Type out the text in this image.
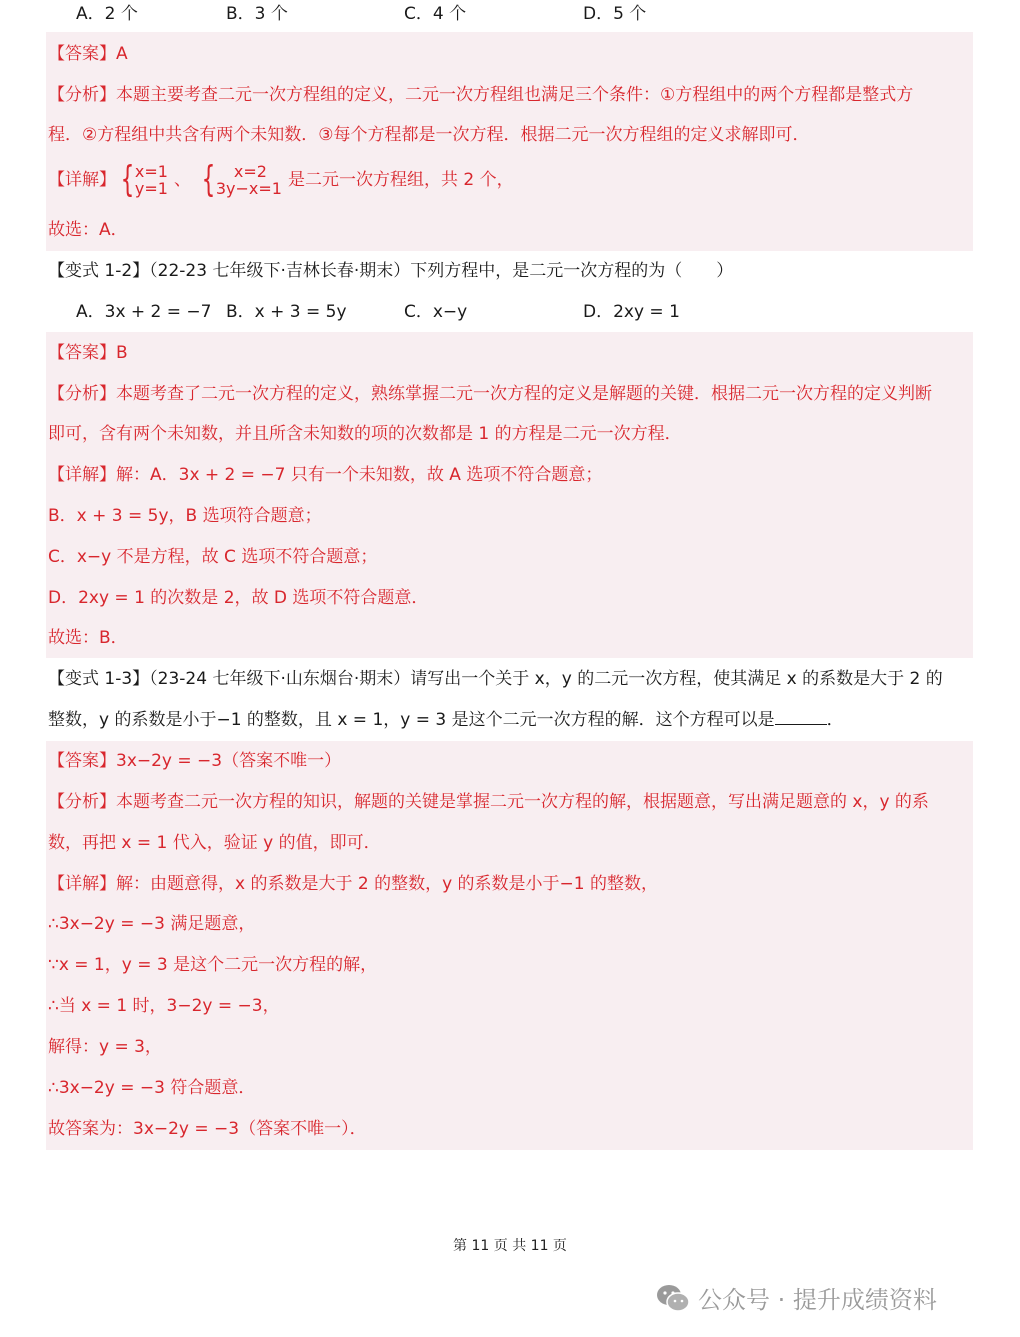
A．2 个	B．3 个	C．4 个	D．5 个
【答案】A
【分析】本题主要考查二元一次方程组的定义，二元一次方程组也满足三个条件：①方程组中的两个方程都是整式方
程．②方程组中共含有两个未知数．③每个方程都是一次方程．根据二元一次方程组的定义求解即可．
【详解】 {x=1
y=1 、 { x=2
3y−x=1 是二元一次方程组，共 2 个，
故选：A．
【变式 1-2】（22-23 七年级下·吉林长春·期末）下列方程中，是二元一次方程的为（　　）
A．3x + 2 = −7 B．x + 3 = 5y	C．x−y	D．2xy = 1
【答案】B
【分析】本题考查了二元一次方程的定义，熟练掌握二元一次方程的定义是解题的关键．根据二元一次方程的定义判断
即可，含有两个未知数，并且所含未知数的项的次数都是 1 的方程是二元一次方程．
【详解】解：A．3x + 2 = −7 只有一个未知数，故 A 选项不符合题意；
B．x + 3 = 5y，B 选项符合题意；
C．x−y 不是方程，故 C 选项不符合题意；
D．2xy = 1 的次数是 2，故 D 选项不符合题意．
故选：B．
【变式 1-3】（23-24 七年级下·山东烟台·期末）请写出一个关于 x，y 的二元一次方程，使其满足 x 的系数是大于 2 的
整数，y 的系数是小于−1 的整数，且 x = 1，y = 3 是这个二元一次方程的解．这个方程可以是	．
【答案】3x−2y = −3（答案不唯一）
【分析】本题考查二元一次方程的知识，解题的关键是掌握二元一次方程的解，根据题意，写出满足题意的 x，y 的系
数，再把 x = 1 代入，验证 y 的值，即可．
【详解】解：由题意得，x 的系数是大于 2 的整数，y 的系数是小于−1 的整数，
∴3x−2y = −3 满足题意，
∵x = 1，y = 3 是这个二元一次方程的解，
∴当 x = 1 时，3−2y = −3，
解得：y = 3，
∴3x−2y = −3 符合题意．
故答案为：3x−2y = −3（答案不唯一）．
第 11 页 共 11 页
公众号 · 提升成绩资料
